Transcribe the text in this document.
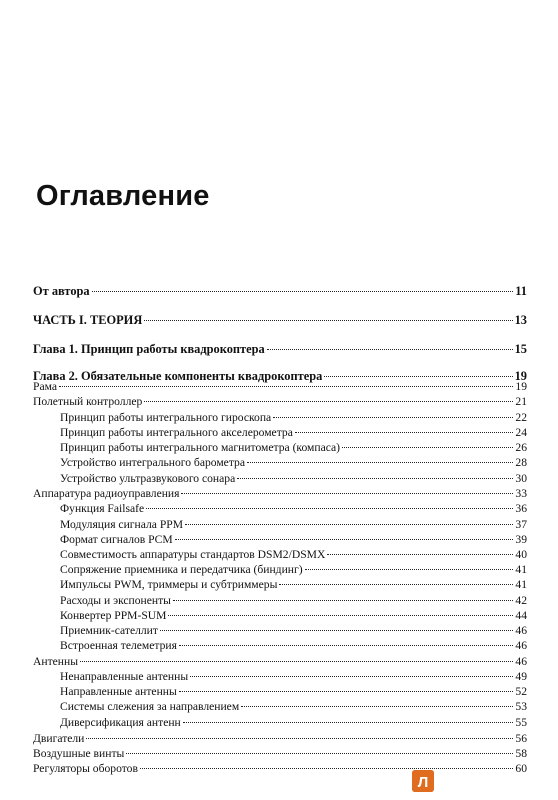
Оглавление
От автора	11
ЧАСТЬ I. ТЕОРИЯ	13
Глава 1. Принцип работы квадрокоптера	15
Глава 2. Обязательные компоненты квадрокоптера	19
Рама	19
Полетный контроллер	21
Принцип работы интегрального гироскопа	22
Принцип работы интегрального акселерометра	24
Принцип работы интегрального магнитометра (компаса)	26
Устройство интегрального барометра	28
Устройство ультразвукового сонара	30
Аппаратура радиоуправления	33
Функция Failsafe	36
Модуляция сигнала PPM	37
Формат сигналов PCM	39
Совместимость аппаратуры стандартов DSM2/DSMX	40
Сопряжение приемника и передатчика (биндинг)	41
Импульсы PWM, триммеры и субтриммеры	41
Расходы и экспоненты	42
Конвертер PPM-SUM	44
Приемник-сателлит	46
Встроенная телеметрия	46
Антенны	46
Ненаправленные антенны	49
Направленные антенны	52
Системы слежения за направлением	53
Диверсификация антенн	55
Двигатели	56
Воздушные винты	58
Регуляторы оборотов	60
Л
